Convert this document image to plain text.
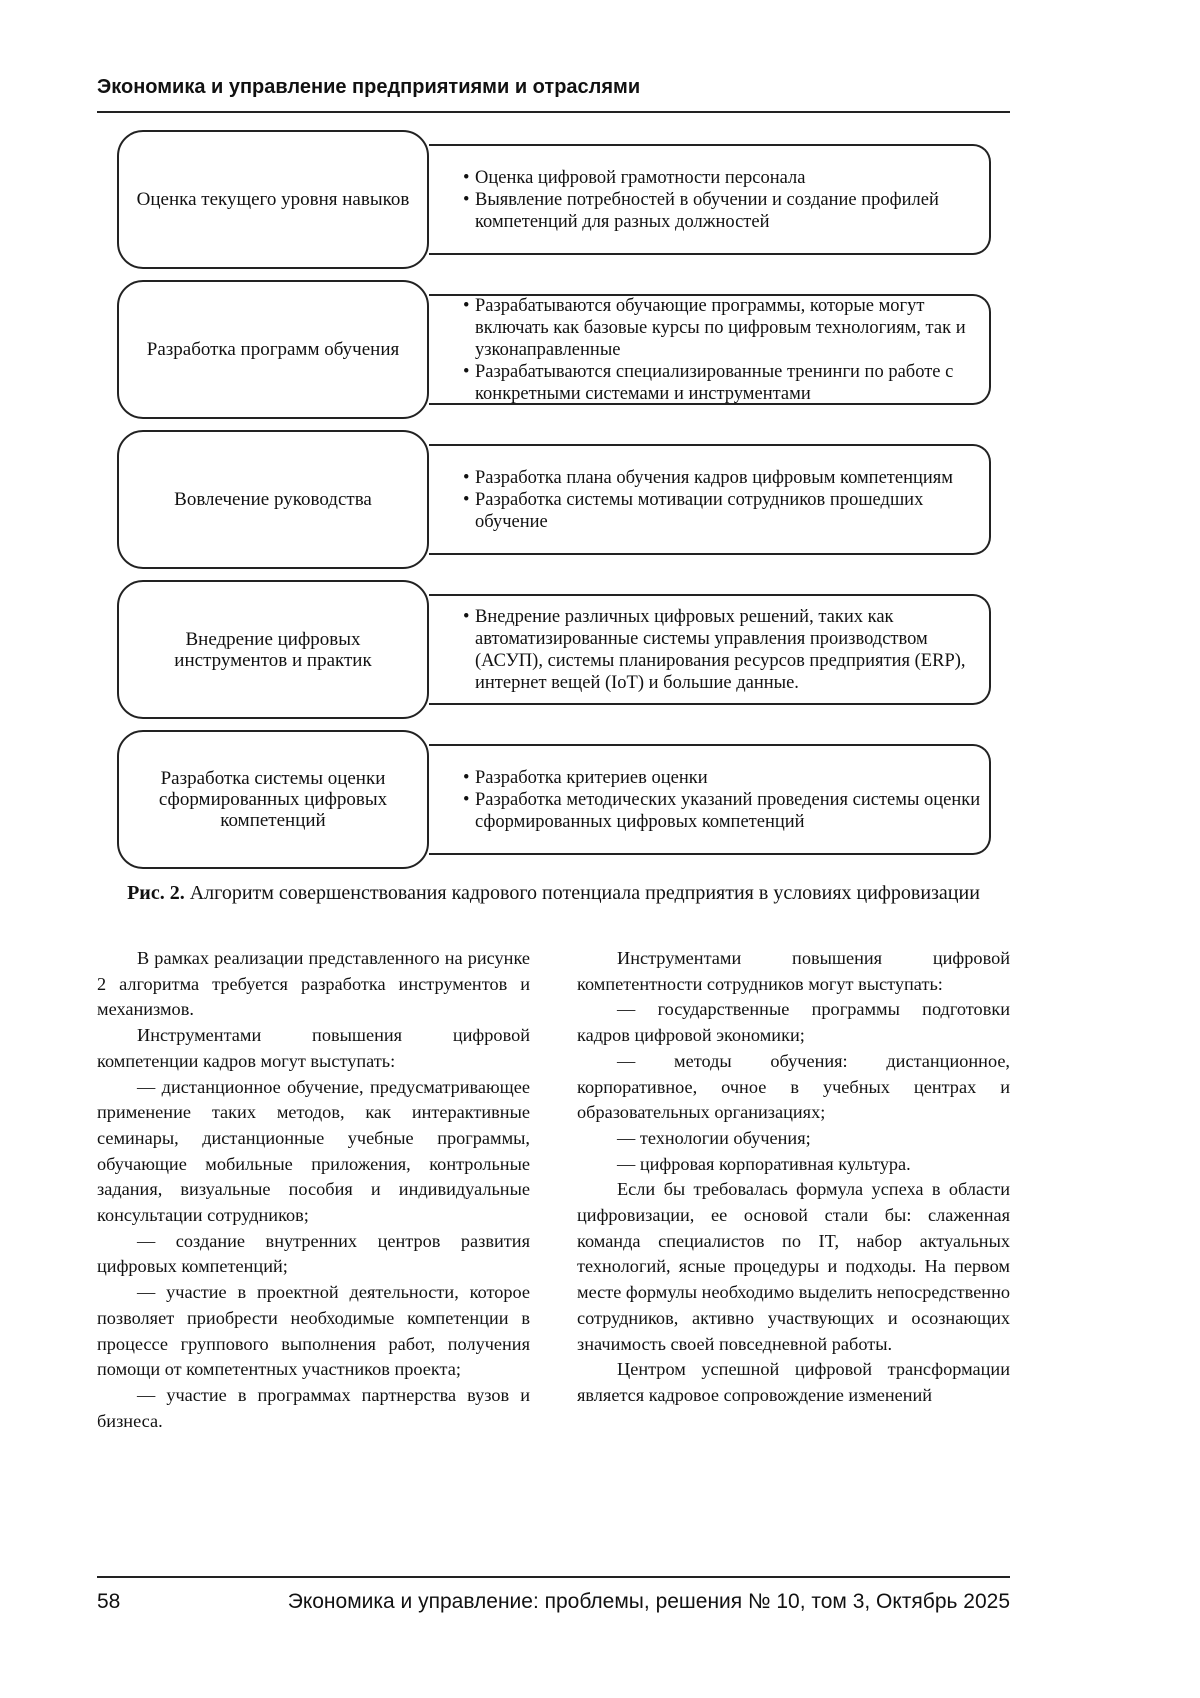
Экономика и управление предприятиями и отраслями
Оценка текущего уровня навыков
• Оценка цифровой грамотности персонала
• Выявление потребностей в обучении и создание профилей компетенций для разных должностей
Разработка программ обучения
• Разрабатываются обучающие программы, которые могут включать как базовые курсы по цифровым технологиям, так и узконаправленные
• Разрабатываются специализированные тренинги по работе с конкретными системами и инструментами
Вовлечение руководства
• Разработка плана обучения кадров цифровым компетенциям
• Разработка системы мотивации сотрудников прошедших обучение
Внедрение цифровых инструментов и практик
• Внедрение различных цифровых решений, таких как автоматизированные системы управления производством (АСУП), системы планирования ресурсов предприятия (ERP), интернет вещей (IoT) и большие данные.
Разработка системы оценки сформированных цифровых компетенций
• Разработка критериев оценки
• Разработка методических указаний проведения системы оценки сформированных цифровых компетенций
Рис. 2. Алгоритм совершенствования кадрового потенциала предприятия в условиях цифровизации

В рамках реализации представленного на рисунке 2 алгоритма требуется разработка инструментов и механизмов.

Инструментами повышения цифровой компетенции кадров могут выступать:

— дистанционное обучение, предусматривающее применение таких методов, как интерактивные семинары, дистанционные учебные программы, обучающие мобильные приложения, контрольные задания, визуальные пособия и индивидуальные консультации сотрудников;

— создание внутренних центров развития цифровых компетенций;

— участие в проектной деятельности, которое позволяет приобрести необходимые компетенции в процессе группового выполнения работ, получения помощи от компетентных участников проекта;

— участие в программах партнерства вузов и бизнеса.

Инструментами повышения цифровой компетентности сотрудников могут выступать:

— государственные программы подготовки кадров цифровой экономики;

— методы обучения: дистанционное, корпоративное, очное в учебных центрах и образовательных организациях;

— технологии обучения;

— цифровая корпоративная культура.

Если бы требовалась формула успеха в области цифровизации, ее основой стали бы: слаженная команда специалистов по IT, набор актуальных технологий, ясные процедуры и подходы. На первом месте формулы необходимо выделить непосредственно сотрудников, активно участвующих и осознающих значимость своей повседневной работы.

Центром успешной цифровой трансформации является кадровое сопровождение изменений

58	Экономика и управление: проблемы, решения № 10, том 3, Октябрь 2025
